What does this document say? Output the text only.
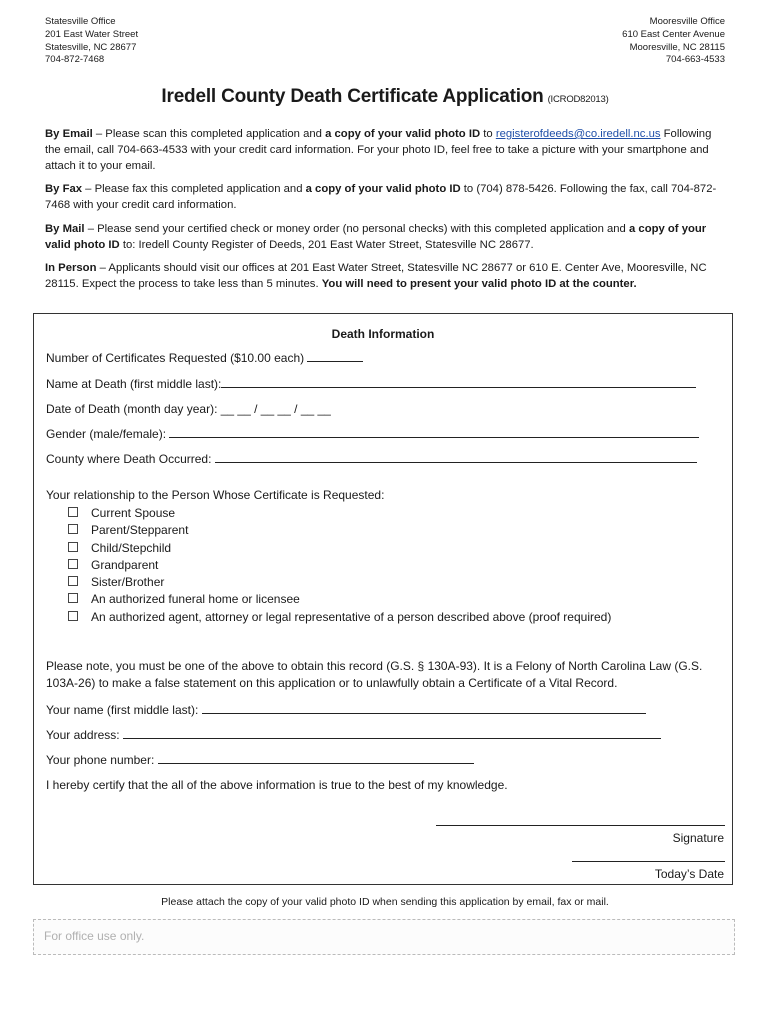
Statesville Office
201 East Water Street
Statesville, NC 28677
704-872-7468
Mooresville Office
610 East Center Avenue
Mooresville, NC 28115
704-663-4533
Iredell County Death Certificate Application (ICROD82013)

By Email – Please scan this completed application and a copy of your valid photo ID to registerofdeeds@co.iredell.nc.us Following the email, call 704-663-4533 with your credit card information. For your photo ID, feel free to take a picture with your smartphone and attach it to your email.

By Fax – Please fax this completed application and a copy of your valid photo ID to (704) 878-5426. Following the fax, call 704-872-7468 with your credit card information.

By Mail – Please send your certified check or money order (no personal checks) with this completed application and a copy of your valid photo ID to: Iredell County Register of Deeds, 201 East Water Street, Statesville NC 28677.

In Person – Applicants should visit our offices at 201 East Water Street, Statesville NC 28677 or 610 E. Center Ave, Mooresville, NC 28115. Expect the process to take less than 5 minutes. You will need to present your valid photo ID at the counter.

Death Information
Number of Certificates Requested ($10.00 each)
Name at Death (first middle last):
Date of Death (month day year): __ __ / __ __ / __ __
Gender (male/female):
County where Death Occurred:
Your relationship to the Person Whose Certificate is Requested:
Current Spouse
Parent/Stepparent
Child/Stepchild
Grandparent
Sister/Brother
An authorized funeral home or licensee
An authorized agent, attorney or legal representative of a person described above (proof required)
Please note, you must be one of the above to obtain this record (G.S. § 130A-93). It is a Felony of North Carolina Law (G.S. 103A-26) to make a false statement on this application or to unlawfully obtain a Certificate of a Vital Record.
Your name (first middle last):
Your address:
Your phone number:
I hereby certify that the all of the above information is true to the best of my knowledge.
Signature
Today’s Date
Please attach the copy of your valid photo ID when sending this application by email, fax or mail.
For office use only.
